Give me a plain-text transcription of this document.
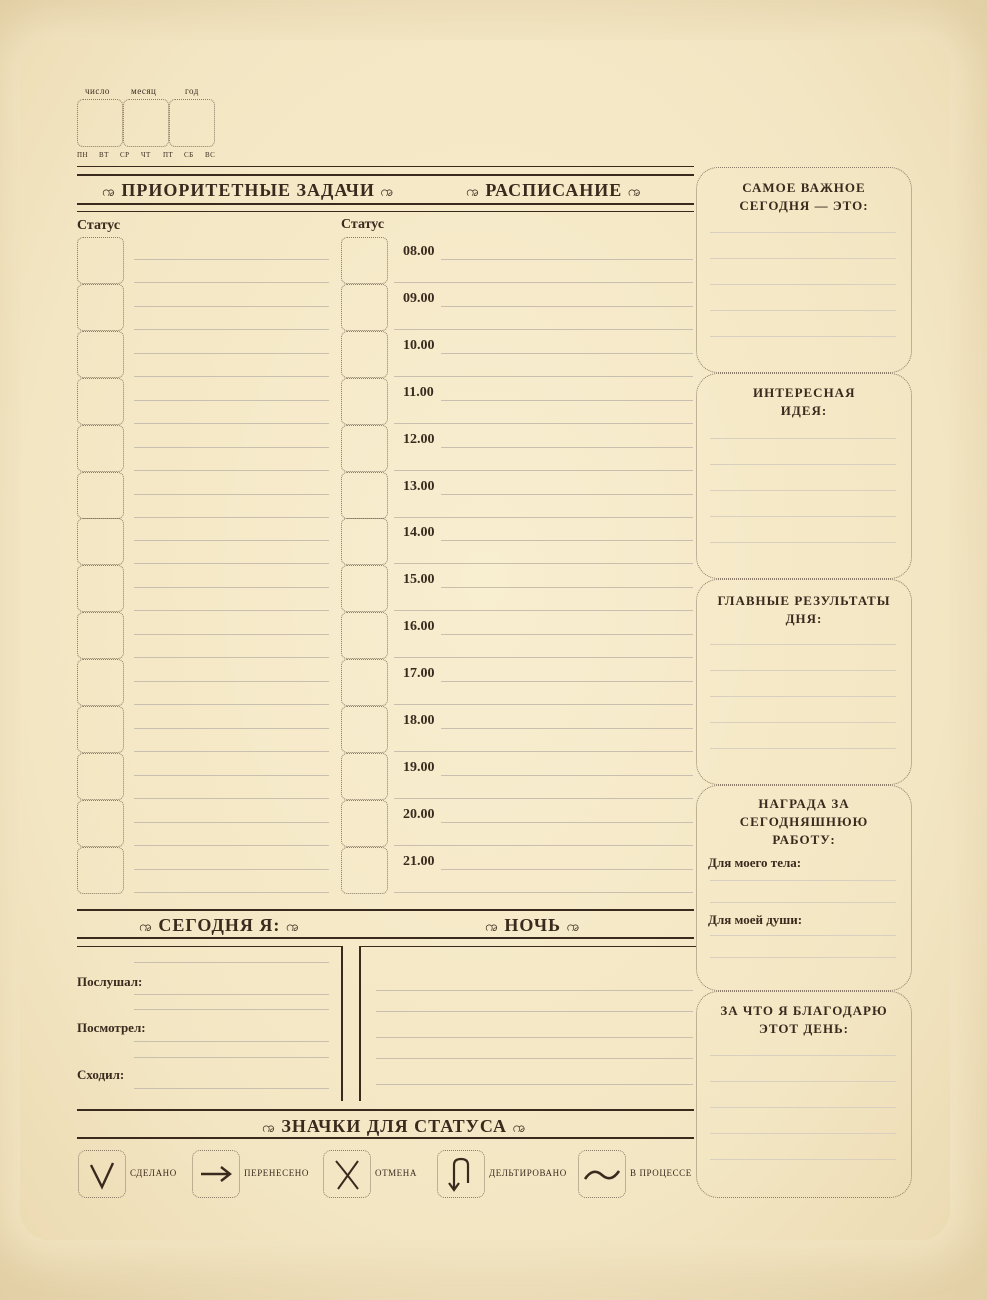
число месяц	год
ПН ВТ СР ЧТ ПТ СБ ВС
ꩠ ПРИОРИТЕТНЫЕ ЗАДАЧИ ꩠ	ꩠ РАСПИСАНИЕ ꩠ
Статус	Статус
08.00
09.00
10.00
11.00
12.00
13.00
14.00
15.00
16.00
17.00
18.00
19.00
20.00
21.00
ꩠ СЕГОДНЯ Я: ꩠ	ꩠ НОЧЬ ꩠ
Послушал:
Посмотрел:
Сходил:
ꩠ ЗНАЧКИ ДЛЯ СТАТУСА ꩠ
СДЕЛАНО	ПЕРЕНЕСЕНО	ОТМЕНА	ДЕЛЬТИРОВАНО	В ПРОЦЕССЕ
САМОЕ ВАЖНОЕ СЕГОДНЯ — ЭТО:
ИНТЕРЕСНАЯ ИДЕЯ:
ГЛАВНЫЕ РЕЗУЛЬТАТЫ ДНЯ:
НАГРАДА ЗА СЕГОДНЯШНЮЮ РАБОТУ:
Для моего тела:
Для моей души:
ЗА ЧТО Я БЛАГОДАРЮ ЭТОТ ДЕНЬ:
